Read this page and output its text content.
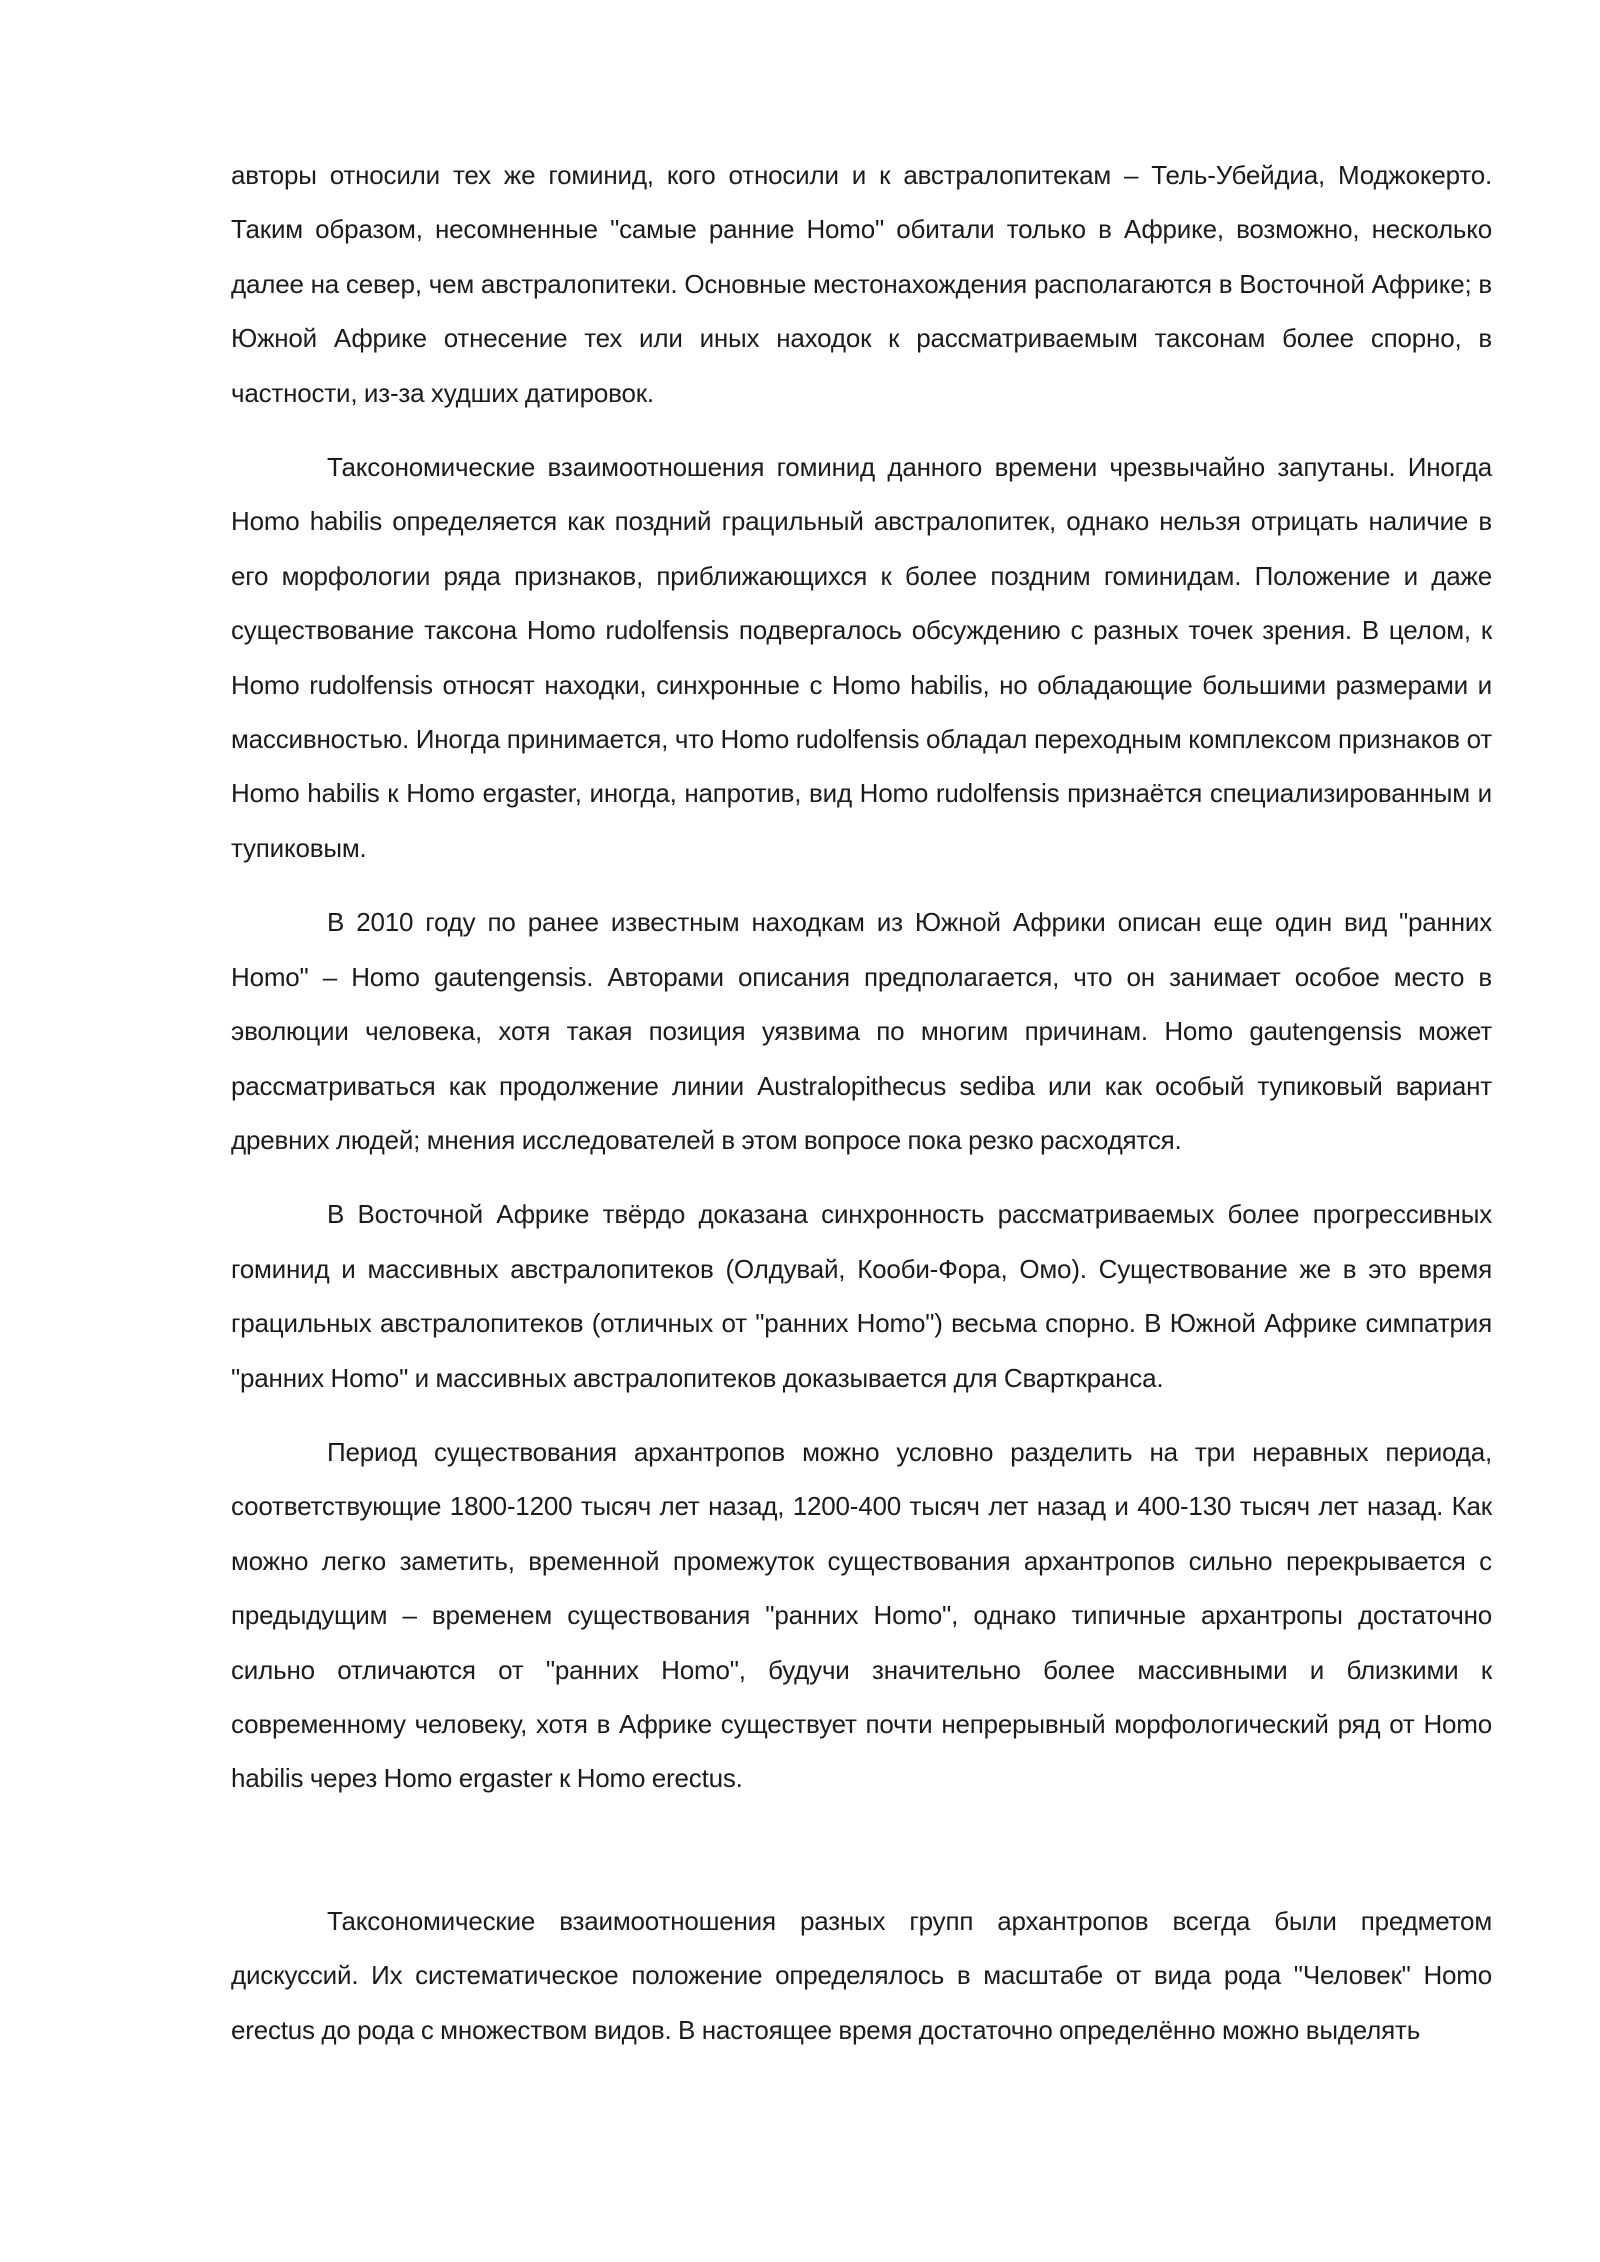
авторы относили тех же гоминид, кого относили и к австралопитекам – Тель-Убейдиа, Моджокерто. Таким образом, несомненные "самые ранние Homo" обитали только в Африке, возможно, несколько далее на север, чем австралопитеки. Основные местонахождения располагаются в Восточной Африке; в Южной Африке отнесение тех или иных находок к рассматриваемым таксонам более спорно, в частности, из-за худших датировок.

Таксономические взаимоотношения гоминид данного времени чрезвычайно запутаны. Иногда Homo habilis определяется как поздний грацильный австралопитек, однако нельзя отрицать наличие в его морфологии ряда признаков, приближающихся к более поздним гоминидам. Положение и даже существование таксона Homo rudolfensis подвергалось обсуждению с разных точек зрения. В целом, к Homo rudolfensis относят находки, синхронные с Homo habilis, но обладающие большими размерами и массивностью. Иногда принимается, что Homo rudolfensis обладал переходным комплексом признаков от Homo habilis к Homo ergaster, иногда, напротив, вид Homo rudolfensis признаётся специализированным и тупиковым.

В 2010 году по ранее известным находкам из Южной Африки описан еще один вид "ранних Homo" – Homo gautengensis. Авторами описания предполагается, что он занимает особое место в эволюции человека, хотя такая позиция уязвима по многим причинам. Homo gautengensis может рассматриваться как продолжение линии Australopithecus sediba или как особый тупиковый вариант древних людей; мнения исследователей в этом вопросе пока резко расходятся.

В Восточной Африке твёрдо доказана синхронность рассматриваемых более прогрессивных гоминид и массивных австралопитеков (Олдувай, Кооби-Фора, Омо). Существование же в это время грацильных австралопитеков (отличных от "ранних Homo") весьма спорно. В Южной Африке симпатрия "ранних Homo" и массивных австралопитеков доказывается для Сварткранса.

Период существования архантропов можно условно разделить на три неравных периода, соответствующие 1800-1200 тысяч лет назад, 1200-400 тысяч лет назад и 400-130 тысяч лет назад. Как можно легко заметить, временной промежуток существования архантропов сильно перекрывается с предыдущим – временем существования "ранних Homo", однако типичные архантропы достаточно сильно отличаются от "ранних Homo", будучи значительно более массивными и близкими к современному человеку, хотя в Африке существует почти непрерывный морфологический ряд от Homo habilis через Homo ergaster к Homo erectus.

Таксономические взаимоотношения разных групп архантропов всегда были предметом дискуссий. Их систематическое положение определялось в масштабе от вида рода "Человек" Homo erectus до рода с множеством видов. В настоящее время достаточно определённо можно выделять
